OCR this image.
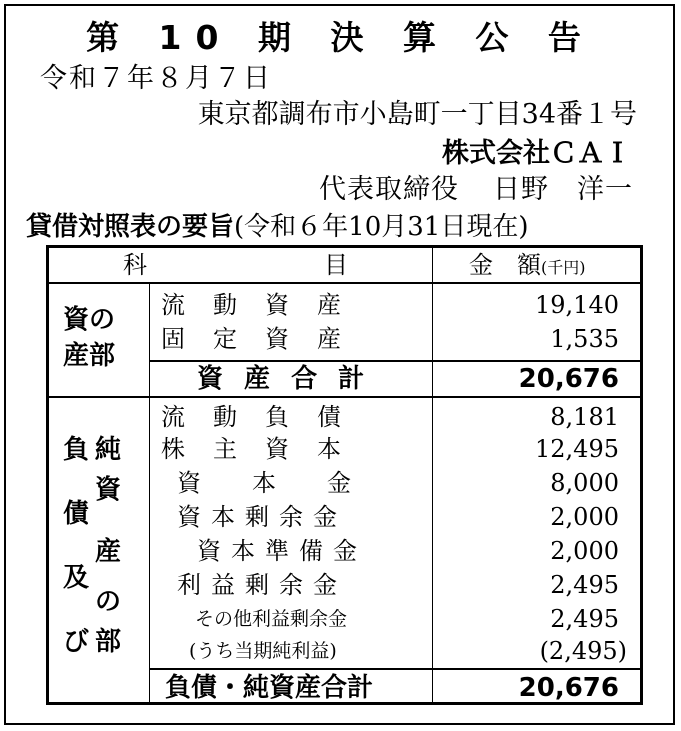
第 10 期 決 算 公 告
令和７年８月７日
東京都調布市小島町一丁目34番１号
株式会社ＣＡＩ
代表取締役 日野　洋一
貸借対照表の要旨(令和６年10月31日現在)
科	目	金　額(千円)
資の
産部
流　動　資　産	19,140
固　定　資　産	1,535
資 産 合 計	20,676
負
債
及
び
純
資
産
の
部
流　動　負　債	8,181
株　主　資　本	12,495
資　　本　　金	8,000
資本剰余金	2,000
資本準備金	2,000
利益剰余金	2,495
その他利益剰余金	2,495
(うち当期純利益)	(2,495)
負債・純資産合計	20,676
